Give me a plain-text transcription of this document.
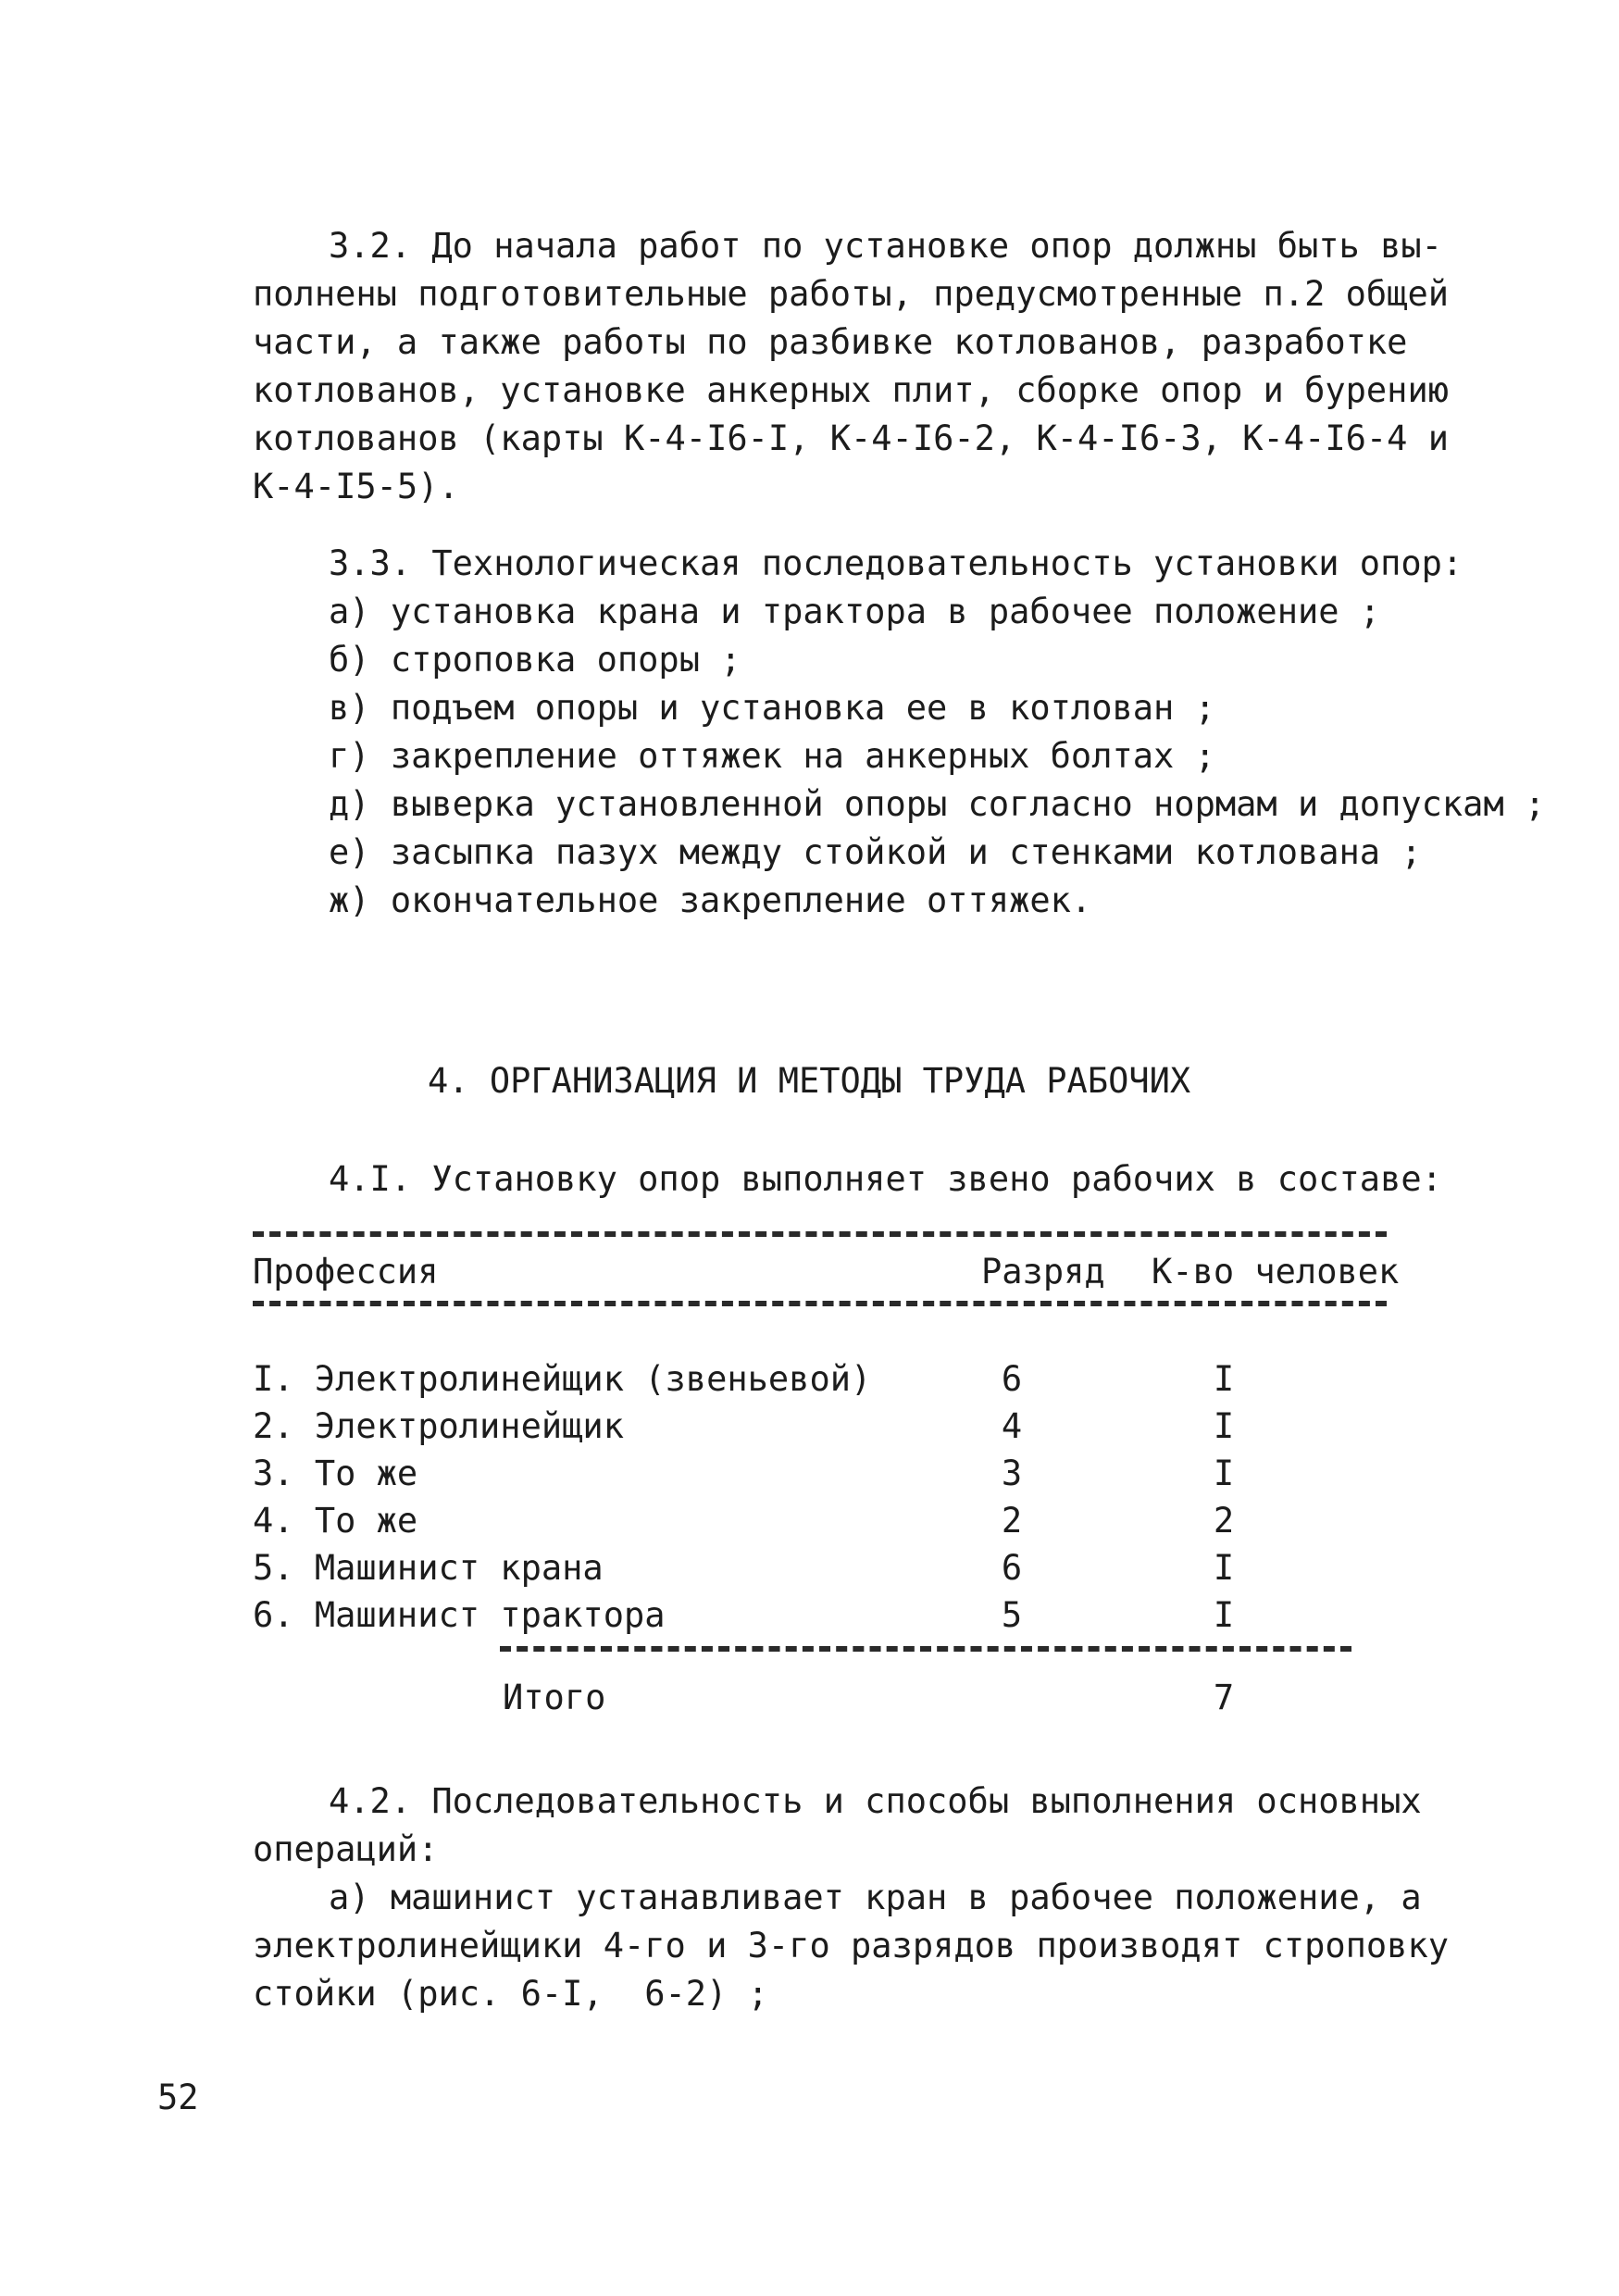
3.2. До начала работ по установке опор должны быть вы-
полнены подготовительные работы, предусмотренные п.2 общей
части, а также работы по разбивке котлованов, разработке
котлованов, установке анкерных плит, сборке опор и бурению
котлованов (карты К-4-I6-I, К-4-I6-2, К-4-I6-3, К-4-I6-4 и
К-4-I5-5).
3.3. Технологическая последовательность установки опор:
а) установка крана и трактора в рабочее положение ;
б) строповка опоры ;
в) подъем опоры и установка ее в котлован ;
г) закрепление оттяжек на анкерных болтах ;
д) выверка установленной опоры согласно нормам и допускам ;
е) засыпка пазух между стойкой и стенками котлована ;
ж) окончательное закрепление оттяжек.
4. ОРГАНИЗАЦИЯ И МЕТОДЫ ТРУДА РАБОЧИХ
4.I. Установку опор выполняет звено рабочих в составе:
Профессия	Разряд К-во человек
I. Электролинейщик (звеньевой)	6	I
2. Электролинейщик	4	I
3. То же	3	I
4. То же	2	2
5. Машинист крана	6	I
6. Машинист трактора	5	I
Итого	7
4.2. Последовательность и способы выполнения основных
операций:
а) машинист устанавливает кран в рабочее положение, а
электролинейщики 4-го и 3-го разрядов производят строповку
стойки (рис. 6-I,  6-2) ;
52
